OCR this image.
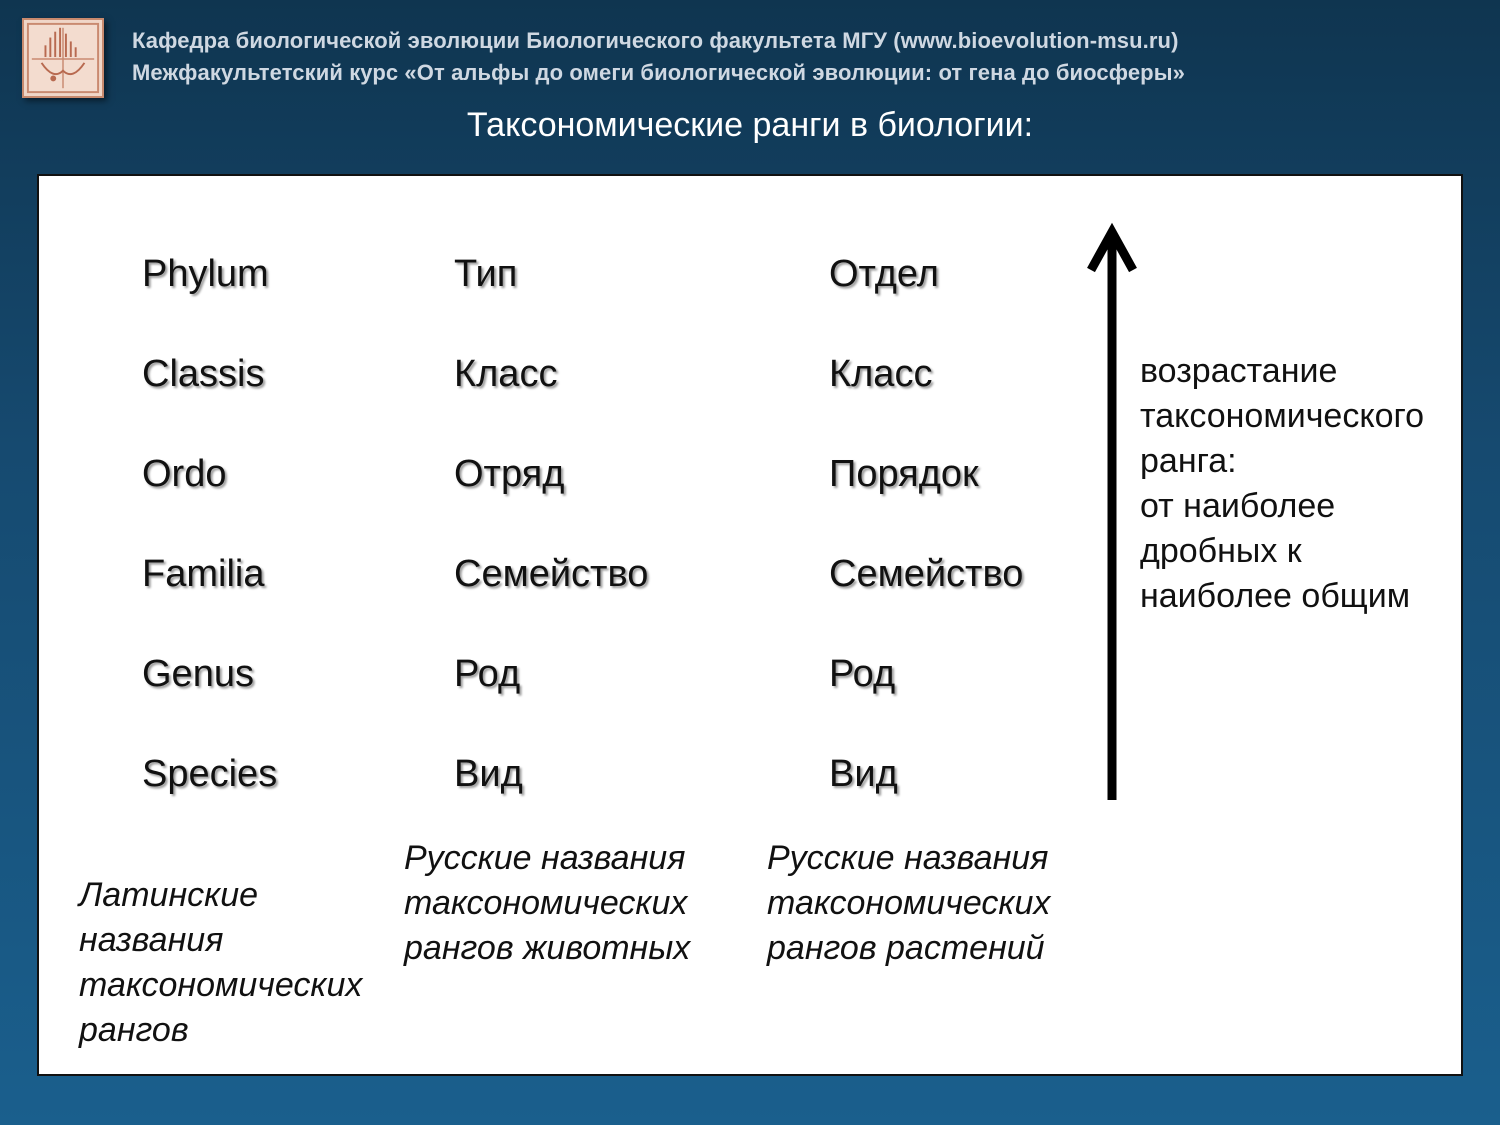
Кафедра биологической эволюции Биологического факультета МГУ (www.bioevolution-msu.ru)
Межфакультетский курс «От альфы до омеги биологической эволюции: от гена до биосферы»
Таксономические ранги в биологии:
Phylum
Classis
Ordo
Familia
Genus
Species
Тип
Класс
Отряд
Семейство
Род
Вид
Отдел
Класс
Порядок
Семейство
Род
Вид
Латинские
названия
таксономических
рангов
Русские названия
таксономических
рангов животных
Русские названия
таксономических
рангов растений
возрастание
таксономического
ранга:
от наиболее
дробных к
наиболее общим
